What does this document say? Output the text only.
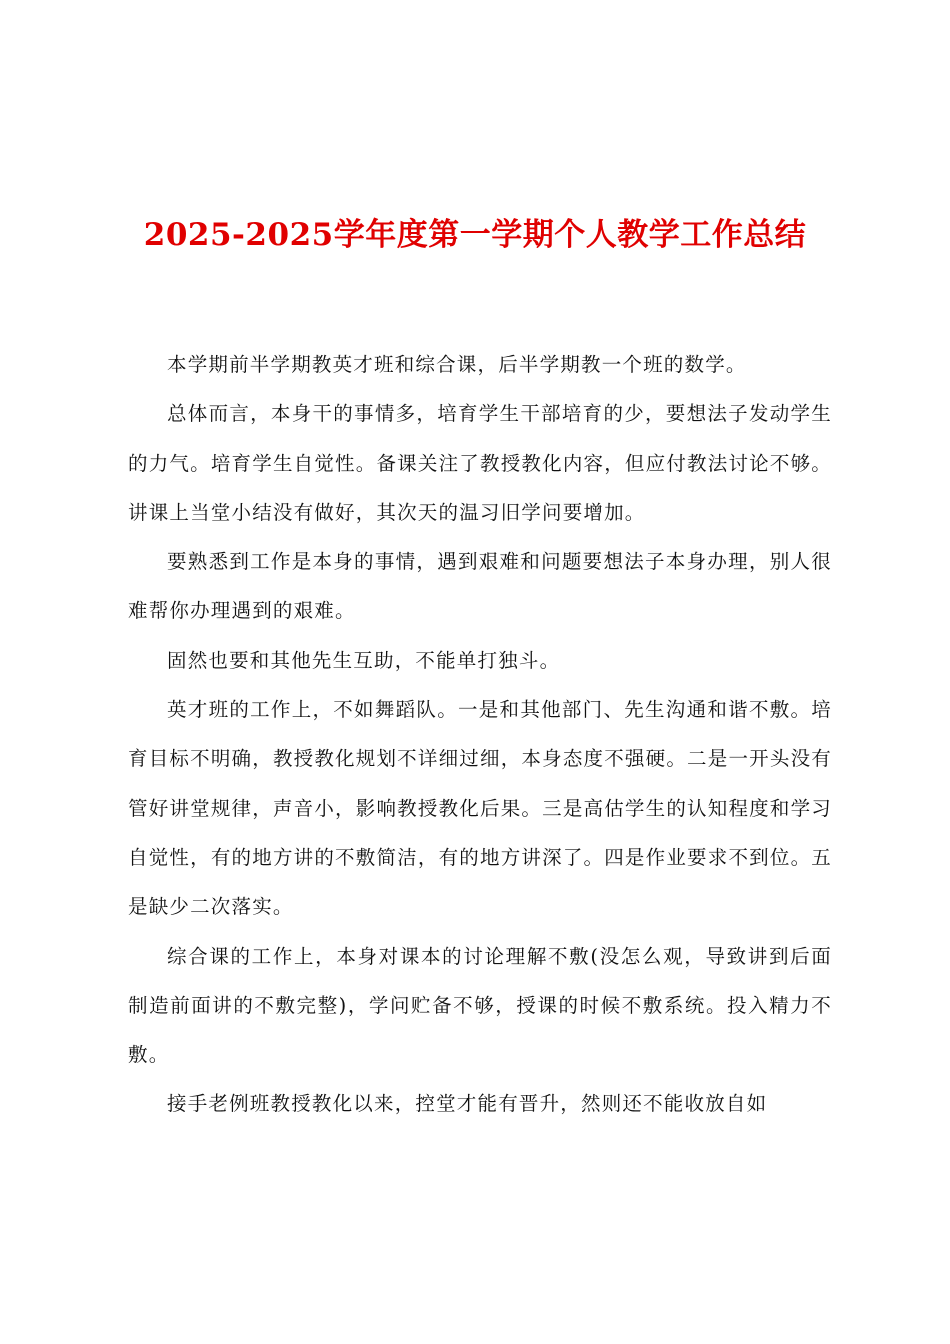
2025-2025学年度第一学期个人教学工作总结

本学期前半学期教英才班和综合课，后半学期教一个班的数学。

总体而言，本身干的事情多，培育学生干部培育的少，要想法子发动学生的力气。培育学生自觉性。备课关注了教授教化内容，但应付教法讨论不够。讲课上当堂小结没有做好，其次天的温习旧学问要增加。

要熟悉到工作是本身的事情，遇到艰难和问题要想法子本身办理，别人很难帮你办理遇到的艰难。

固然也要和其他先生互助，不能单打独斗。

英才班的工作上，不如舞蹈队。一是和其他部门、先生沟通和谐不敷。培育目标不明确，教授教化规划不详细过细，本身态度不强硬。二是一开头没有管好讲堂规律，声音小，影响教授教化后果。三是高估学生的认知程度和学习自觉性，有的地方讲的不敷简洁，有的地方讲深了。四是作业要求不到位。五是缺少二次落实。

综合课的工作上，本身对课本的讨论理解不敷(没怎么观，导致讲到后面制造前面讲的不敷完整)，学问贮备不够，授课的时候不敷系统。投入精力不敷。

接手老例班教授教化以来，控堂才能有晋升，然则还不能收放自如
